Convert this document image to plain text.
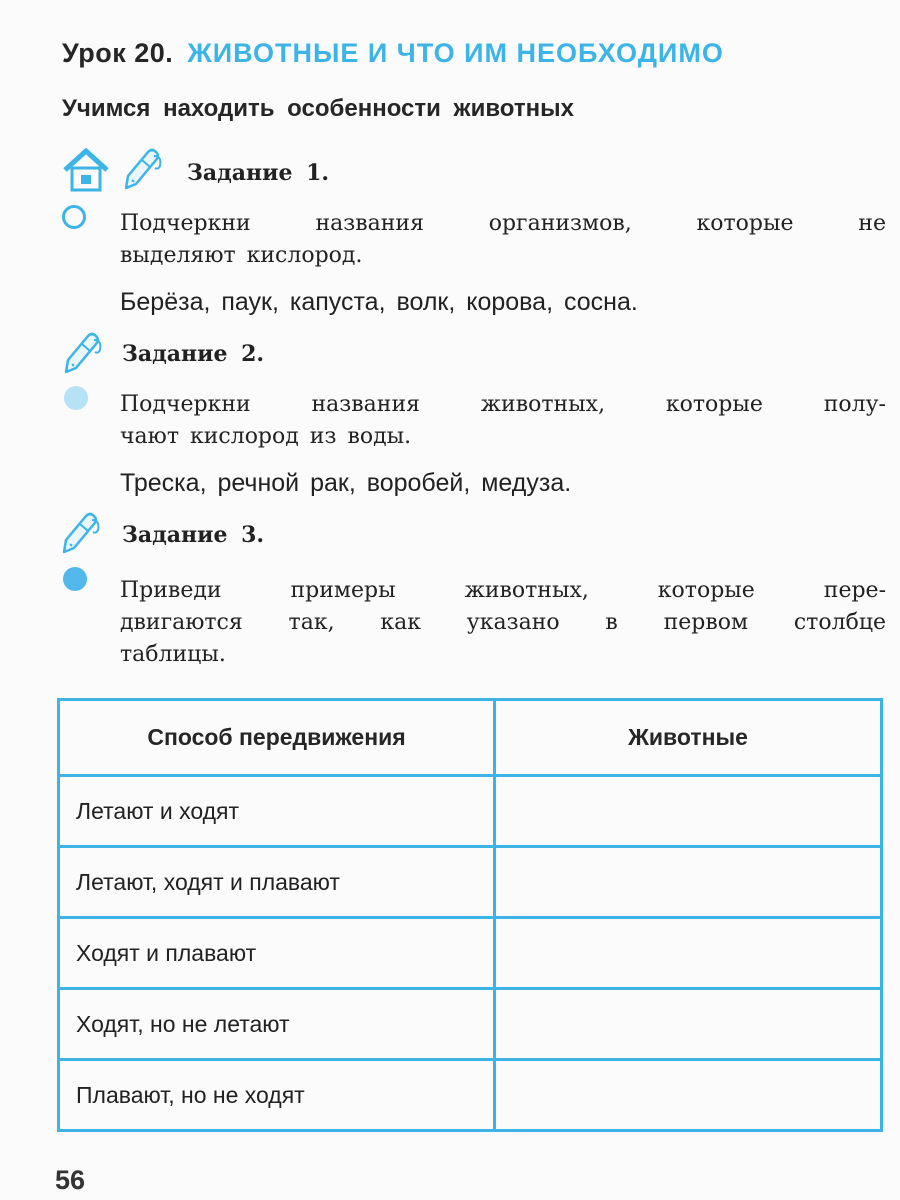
Урок 20. ЖИВОТНЫЕ И ЧТО ИМ НЕОБХОДИМО
Учимся находить особенности животных
Задание 1.
Подчеркни названия организмов, которые не
выделяют кислород.
Берёза, паук, капуста, волк, корова, сосна.
Задание 2.
Подчеркни названия животных, которые полу-
чают кислород из воды.
Треска, речной рак, воробей, медуза.
Задание 3.
Приведи примеры животных, которые пере-
двигаются так, как указано в первом столбце
таблицы.
Способ передвижения	Животные
Летают и ходят	
Летают, ходят и плавают	
Ходят и плавают	
Ходят, но не летают	
Плавают, но не ходят	
56
